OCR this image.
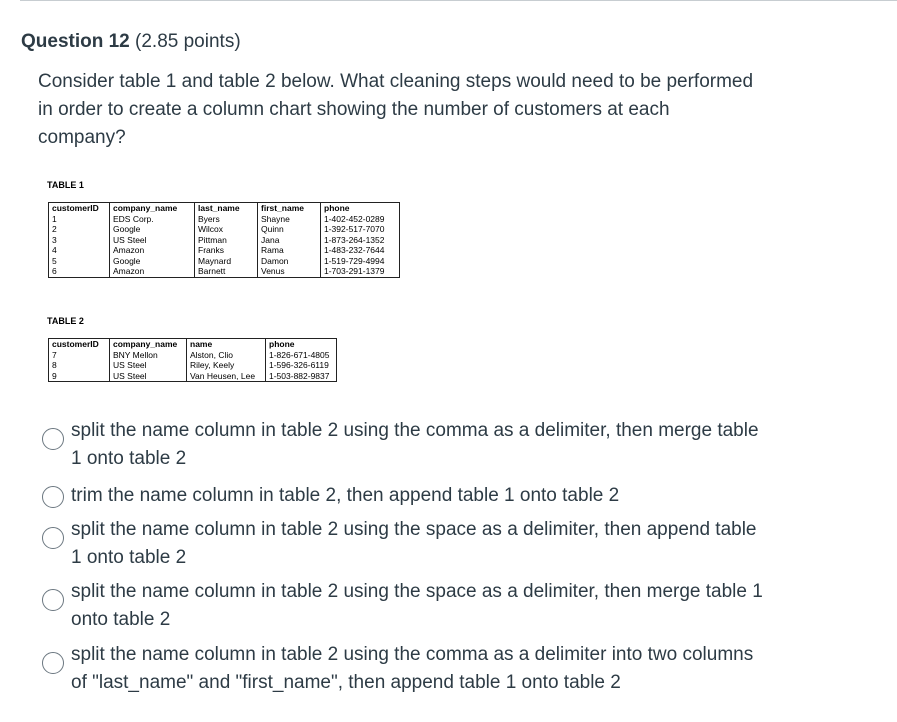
Question 12 (2.85 points)
Consider table 1 and table 2 below. What cleaning steps would need to be performed in order to create a column chart showing the number of customers at each company?
TABLE 1
customerID	company_name	last_name	first_name	phone
1	EDS Corp.	Byers	Shayne	1-402-452-0289
2	Google	Wilcox	Quinn	1-392-517-7070
3	US Steel	Pittman	Jana	1-873-264-1352
4	Amazon	Franks	Rama	1-483-232-7644
5	Google	Maynard	Damon	1-519-729-4994
6	Amazon	Barnett	Venus	1-703-291-1379
TABLE 2
customerID	company_name	name	phone
7	BNY Mellon	Alston, Clio	1-826-671-4805
8	US Steel	Riley, Keely	1-596-326-6119
9	US Steel	Van Heusen, Lee	1-503-882-9837
split the name column in table 2 using the comma as a delimiter, then merge table 1 onto table 2
trim the name column in table 2, then append table 1 onto table 2
split the name column in table 2 using the space as a delimiter, then append table 1 onto table 2
split the name column in table 2 using the space as a delimiter, then merge table 1 onto table 2
split the name column in table 2 using the comma as a delimiter into two columns of "last_name" and "first_name", then append table 1 onto table 2
